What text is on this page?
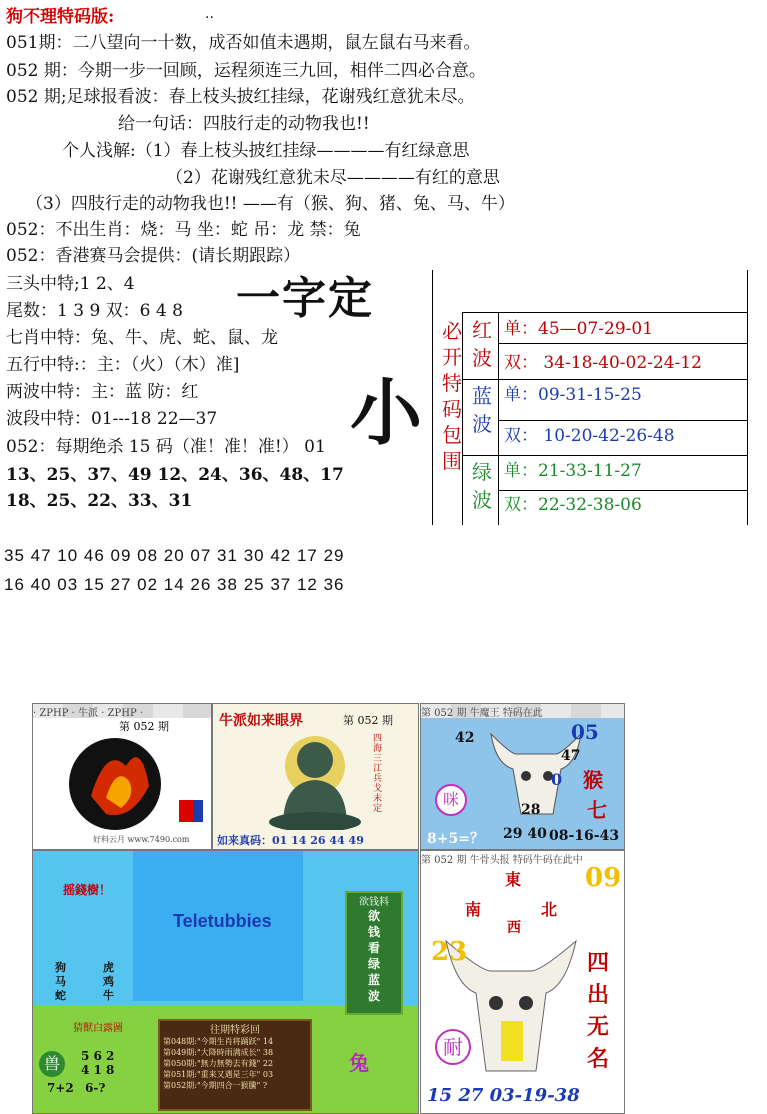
狗不理特码版:	..
051期：二八望向一十数，成否如值未遇期，鼠左鼠右马来看。
052 期：今期一步一回顾，运程须连三九回，相伴二四必合意。
052 期;足球报看波：春上枝头披红挂绿，花谢残红意犹未尽。
给一句话：四肢行走的动物我也!!
个人浅解:（1）春上枝头披红挂绿————有红绿意思
（2）花谢残红意犹未尽————有红的意思
（3）四肢行走的动物我也!! ——有（猴、狗、猪、兔、马、牛）
052：不出生肖：烧：马 坐：蛇 吊：龙 禁：兔
052：香港赛马会提供：(请长期跟踪）
三头中特;1 2、4
尾数：1 3 9 双：6 4 8
七肖中特：兔、牛、虎、蛇、鼠、龙
五行中特:：主：（火）（木）准]
两波中特：主：蓝 防：红
波段中特：01---18 22—37
052：每期绝杀 15 码（准！准！准!） 01
13、25、37、49 12、24、36、48、17
18、25、22、33、31
一字定
小
必
开
特
码
包
围
红
波
单：45—07-29-01
双： 34-18-40-02-24-12
蓝
波
单：09-31-15-25
双： 10-20-42-26-48
绿
波
单：21-33-11-27
双：22-32-38-06
35 47 10 46 09 08 20 07 31 30 42 17 29
16 40 03 15 27 02 14 26 38 25 37 12 36
· ZPHP · 牛派 · ZPHP ·
第 052 期
好料云月 www.7490.com
牛派如来眼界	第 052 期
四海三江兵戈未定
如来真码：01 14 26 44 49
第 052 期 牛魔王 特码在此
05
42
47
0
28
猴
七
咪
8+5=？ 29 40 08-16-43
摇錢樹！
Teletubbies
狗
马
蛇
虎
鸡
牛
猜獸白露圖
兽	5 6 2
4 1 8
7+2 6-?
欲钱料
欲
钱
看
绿
蓝
波
往期特彩回
第048期:"今期生肖将踊跃" 14
第049期:"大降時雨满成长" 38
第050期:"無力無勢去有錢" 22
第051期:"重来又遇是三年" 03
第052期:"今期四合一猴騰" ?
兔
第 052 期 牛骨头报 特码牛码在此中
東
南	北
西
09
23	四
出
无
名
耐
15 27 03-19-38
